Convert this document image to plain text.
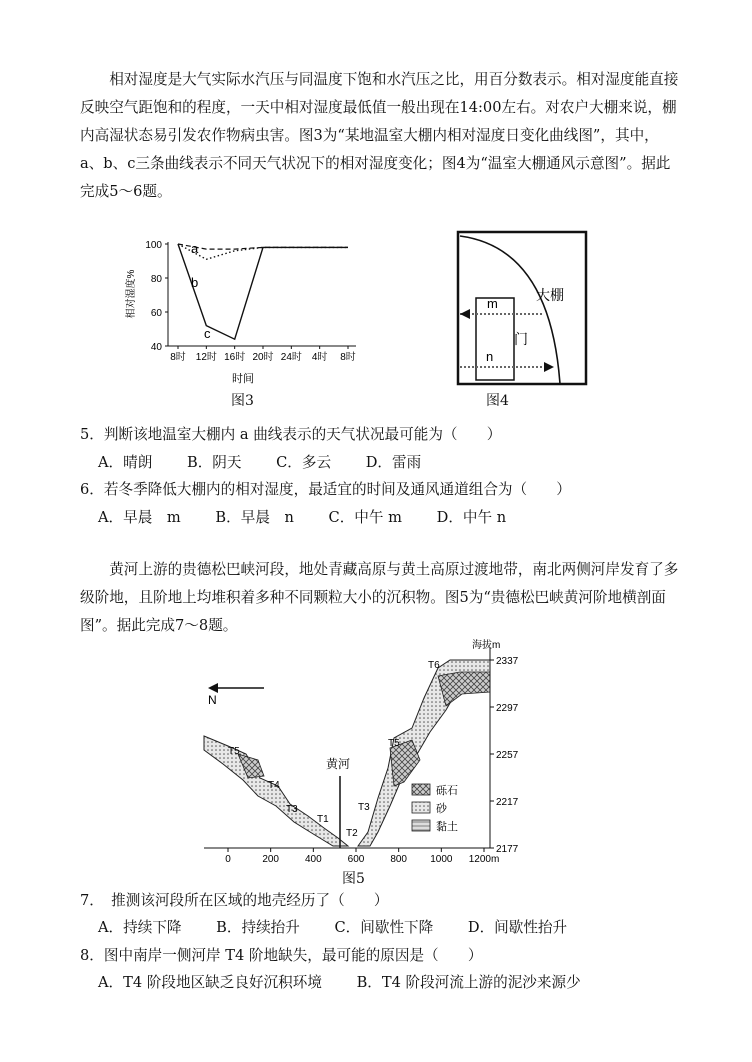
相对湿度是大气实际水汽压与同温度下饱和水汽压之比，用百分数表示。相对湿度能直接反映空气距饱和的程度，一天中相对湿度最低值一般出现在14:00左右。对农户大棚来说，棚内高湿状态易引发农作物病虫害。图3为“某地温室大棚内相对湿度日变化曲线图”，其中，a、b、c三条曲线表示不同天气状况下的相对湿度变化；图4为“温室大棚通风示意图”。据此完成5～6题。
100
80
60
40
8时 12时 16时 20时 24时 4时 8时
相对湿度%
时间
a
b
c
图3
m
n
门
大棚
图4
5．判断该地温室大棚内 a 曲线表示的天气状况最可能为（　　）
A．晴朗 B．阴天 C．多云 D．雷雨
6．若冬季降低大棚内的相对湿度，最适宜的时间及通风通道组合为（　　）
A．早晨　m B．早晨　n C．中午 m D．中午 n
黄河上游的贵德松巴峡河段，地处青藏高原与黄土高原过渡地带，南北两侧河岸发育了多级阶地，且阶地上均堆积着多种不同颗粒大小的沉积物。图5为“贵德松巴峡黄河阶地横剖面图”。据此完成7～8题。
N
黄河
海拔m
2337
2297
2257
2217
2177
0	200	400	600	800 1000 1200m
T1
T2
T3	T3
T4
T5
T5
T6
砾石
砂
黏土
图5
7．　推测该河段所在区域的地壳经历了（　　）
A．持续下降 B．持续抬升 C．间歇性下降 D．间歇性抬升
8．图中南岸一侧河岸 T4 阶地缺失，最可能的原因是（　　）
A．T4 阶段地区缺乏良好沉积环境 B．T4 阶段河流上游的泥沙来源少
